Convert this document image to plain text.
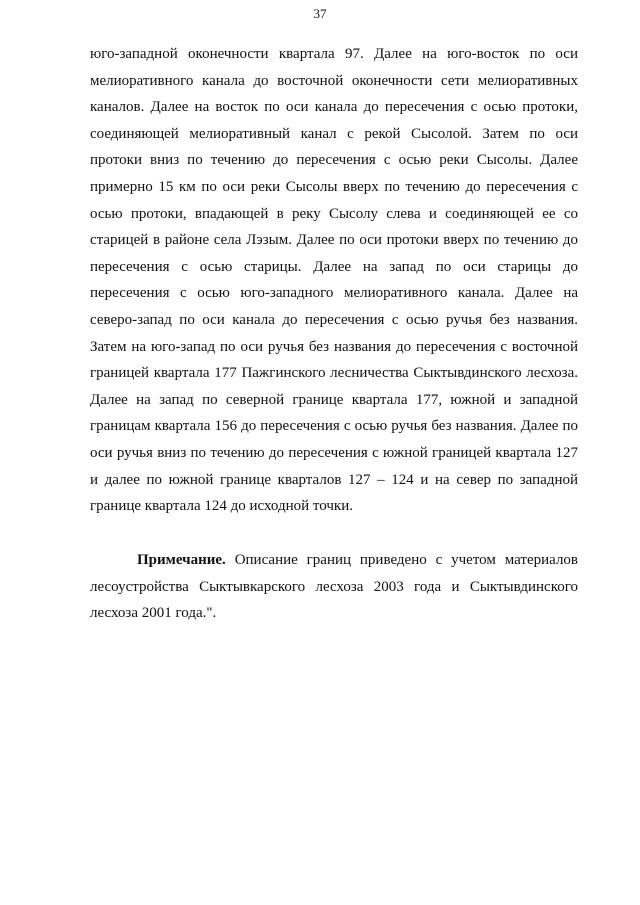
37

юго-западной оконечности квартала 97. Далее на юго-восток по оси мелиоративного канала до восточной оконечности сети мелиоративных каналов. Далее на восток по оси канала до пересечения с осью протоки, соединяющей мелиоративный канал с рекой Сысолой. Затем по оси протоки вниз по течению до пересечения с осью реки Сысолы. Далее примерно 15 км по оси реки Сысолы вверх по течению до пересечения с осью протоки, впадающей в реку Сысолу слева и соединяющей ее со старицей в районе села Лэзым. Далее по оси протоки вверх по течению до пересечения с осью старицы. Далее на запад по оси старицы до пересечения с осью юго-западного мелиоративного канала. Далее на северо-запад по оси канала до пересечения с осью ручья без названия. Затем на юго-запад по оси ручья без названия до пересечения с восточной границей квартала 177 Пажгинского лесничества Сыктывдинского лесхоза. Далее на запад по северной границе квартала 177, южной и западной границам квартала 156 до пересечения с осью ручья без названия. Далее по оси ручья вниз по течению до пересечения с южной границей квартала 127 и далее по южной границе кварталов 127 – 124 и на север по западной границе квартала 124 до исходной точки.

Примечание. Описание границ приведено с учетом материалов лесоустройства Сыктывкарского лесхоза 2003 года и Сыктывдинского лесхоза 2001 года.".
